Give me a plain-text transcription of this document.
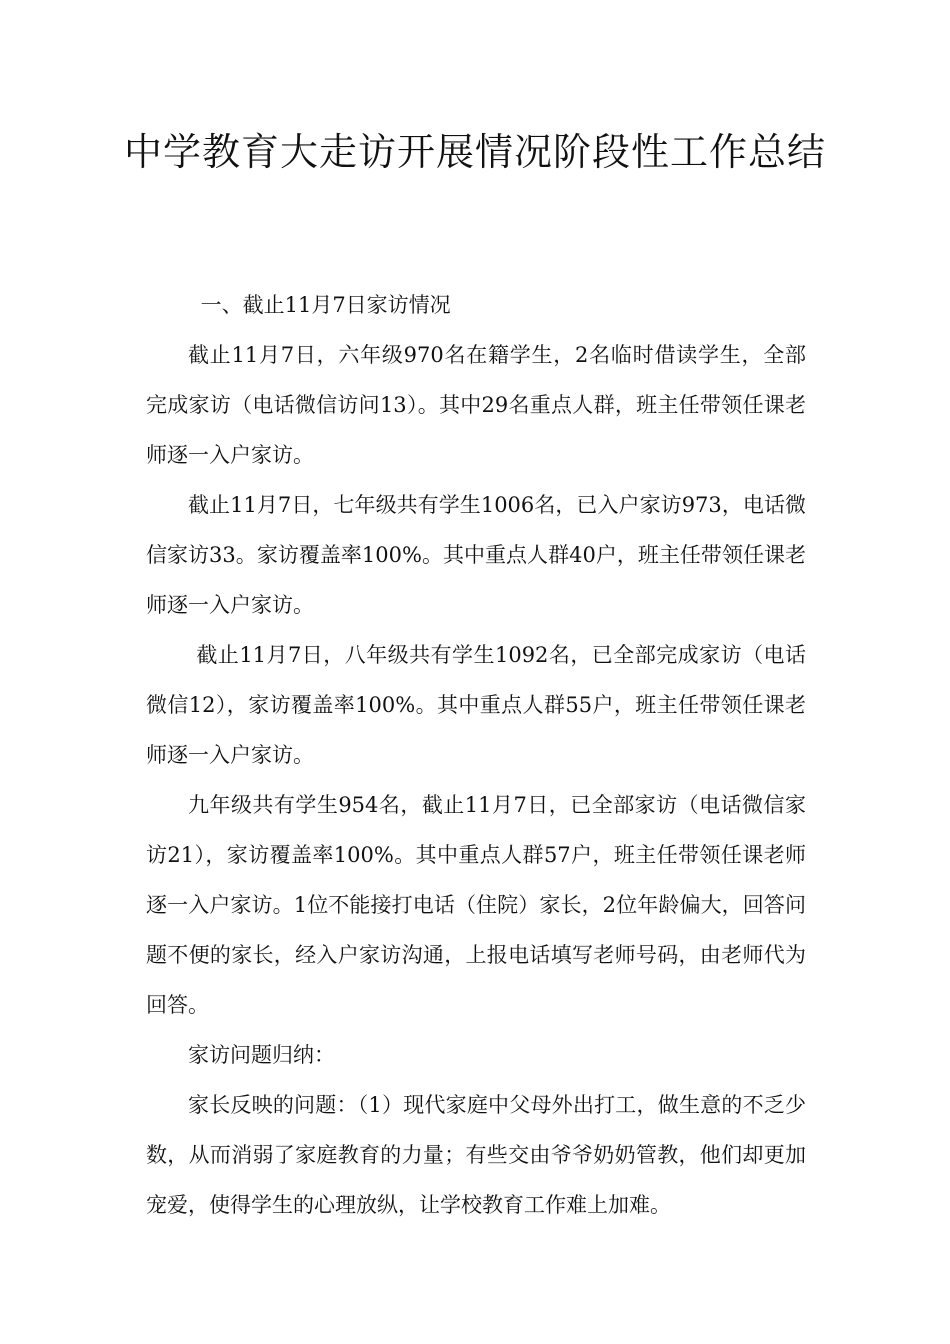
中学教育大走访开展情况阶段性工作总结

一、截止11月7日家访情况

截止11月7日，六年级970名在籍学生，2名临时借读学生，全部完成家访（电话微信访问13）。其中29名重点人群，班主任带领任课老师逐一入户家访。

截止11月7日，七年级共有学生1006名，已入户家访973，电话微信家访33。家访覆盖率100%。其中重点人群40户，班主任带领任课老师逐一入户家访。

截止11月7日，八年级共有学生1092名，已全部完成家访（电话微信12），家访覆盖率100%。其中重点人群55户，班主任带领任课老师逐一入户家访。

九年级共有学生954名，截止11月7日，已全部家访（电话微信家访21），家访覆盖率100%。其中重点人群57户，班主任带领任课老师逐一入户家访。1位不能接打电话（住院）家长，2位年龄偏大，回答问题不便的家长，经入户家访沟通，上报电话填写老师号码，由老师代为回答。

家访问题归纳：

家长反映的问题：（1）现代家庭中父母外出打工，做生意的不乏少数，从而消弱了家庭教育的力量；有些交由爷爷奶奶管教，他们却更加宠爱，使得学生的心理放纵，让学校教育工作难上加难。
